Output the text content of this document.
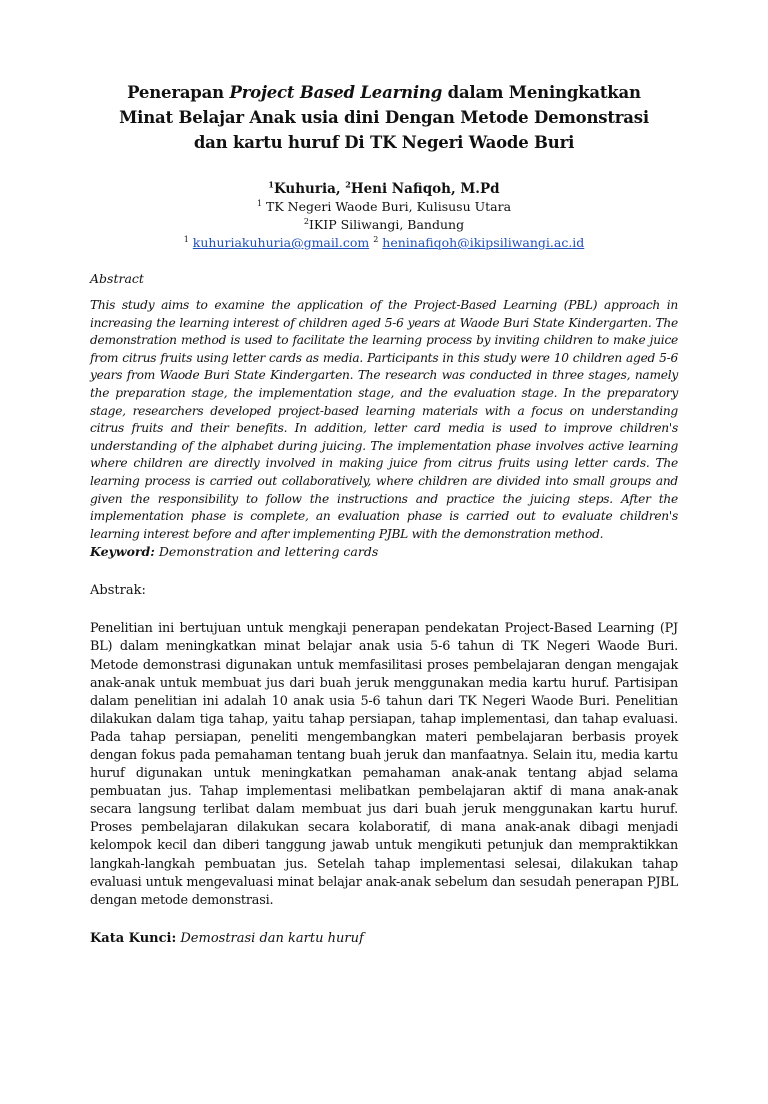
Penerapan Project Based Learning dalam Meningkatkan
Minat Belajar Anak usia dini Dengan Metode Demonstrasi
dan kartu huruf Di TK Negeri Waode Buri
$^1$Kuhuria, $^2$Heni Nafiqoh, M.Pd
$^1$ TK Negeri Waode Buri, Kulisusu Utara
$^2$IKIP Siliwangi, Bandung
$^1$ kuhuriakuhuria@gmail.com $^2$ heninafiqoh@ikipsiliwangi.ac.id
Abstract
This study aims to examine the application of the Project-Based Learning (PBL) approach in increasing the learning interest of children aged 5-6 years at Waode Buri State Kindergarten. The demonstration method is used to facilitate the learning process by inviting children to make juice from citrus fruits using letter cards as media. Participants in this study were 10 children aged 5-6 years from Waode Buri State Kindergarten. The research was conducted in three stages, namely the preparation stage, the implementation stage, and the evaluation stage. In the preparatory stage, researchers developed project-based learning materials with a focus on understanding citrus fruits and their benefits. In addition, letter card media is used to improve children's understanding of the alphabet during juicing. The implementation phase involves active learning where children are directly involved in making juice from citrus fruits using letter cards. The learning process is carried out collaboratively, where children are divided into small groups and given the responsibility to follow the instructions and practice the juicing steps. After the implementation phase is complete, an evaluation phase is carried out to evaluate children's learning interest before and after implementing PJBL with the demonstration method.
Keyword: Demonstration and lettering cards
Abstrak:
Penelitian ini bertujuan untuk mengkaji penerapan pendekatan Project-Based Learning (PJ BL) dalam meningkatkan minat belajar anak usia 5-6 tahun di TK Negeri Waode Buri. Metode demonstrasi digunakan untuk memfasilitasi proses pembelajaran dengan mengajak anak-anak untuk membuat jus dari buah jeruk menggunakan media kartu huruf. Partisipan dalam penelitian ini adalah 10 anak usia 5-6 tahun dari TK Negeri Waode Buri. Penelitian dilakukan dalam tiga tahap, yaitu tahap persiapan, tahap implementasi, dan tahap evaluasi. Pada tahap persiapan, peneliti mengembangkan materi pembelajaran berbasis proyek dengan fokus pada pemahaman tentang buah jeruk dan manfaatnya. Selain itu, media kartu huruf digunakan untuk meningkatkan pemahaman anak-anak tentang abjad selama pembuatan jus. Tahap implementasi melibatkan pembelajaran aktif di mana anak-anak secara langsung terlibat dalam membuat jus dari buah jeruk menggunakan kartu huruf. Proses pembelajaran dilakukan secara kolaboratif, di mana anak-anak dibagi menjadi kelompok kecil dan diberi tanggung jawab untuk mengikuti petunjuk dan mempraktikkan langkah-langkah pembuatan jus. Setelah tahap implementasi selesai, dilakukan tahap evaluasi untuk mengevaluasi minat belajar anak-anak sebelum dan sesudah penerapan PJBL dengan metode demonstrasi.
Kata Kunci: Demostrasi dan kartu huruf
